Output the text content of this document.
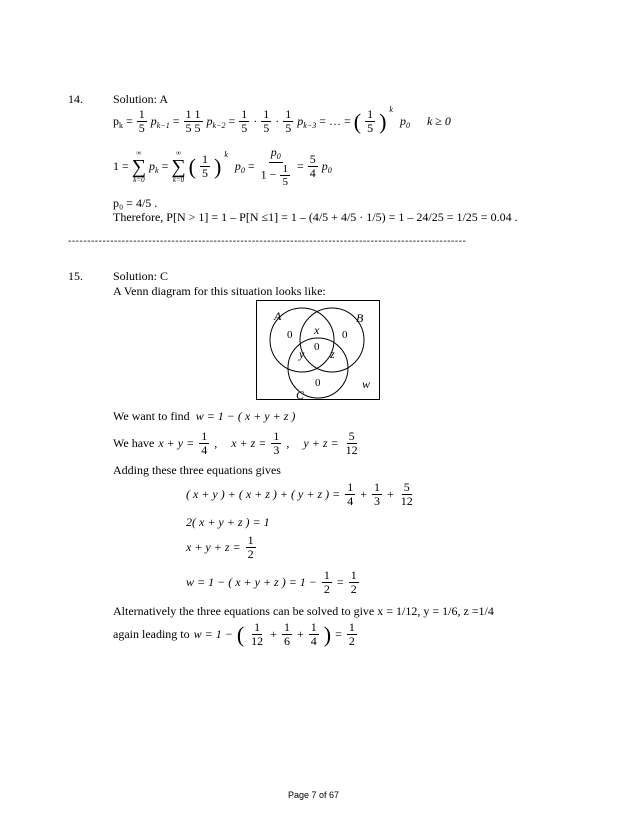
14.	Solution: A
$p_k = \frac{1}{5} p_{k-1} = \frac{1 1}{5 5} p_{k-2} = \frac{1}{5} \cdot \frac{1}{5} \cdot \frac{1}{5} p_{k-3}$ = … = ( $\frac{1}{5}$ ) $^k$
$p_0$ k ≥ 0
1 =
∞
∑
k=0
$p_k$ =
∞
∑
k=0
( $\frac{1}{5}$ ) $^k$
$p_0 = \frac{p_0}{1 - \frac{1}{5}} = \frac{5}{4} p_0$
p₀ = 4/5 .
Therefore, P[N > 1] = 1 – P[N ≤1] = 1 – (4/5 + 4/5 · 1/5) = 1 – 24/25 = 1/25 = 0.04 .
--------------------------------------------------------------------------------------------------------
15.	Solution: C
A Venn diagram for this situation looks like:
A	B
C
w
x
y z
0	0
0
0
We want to find w = 1 − ( x + y + z )
We have $x + y = \frac{1}{4}$ , $x + z = \frac{1}{3}$ , $y + z = \frac{5}{12}$
Adding these three equations gives
( x + y ) + ( x + z ) + ( y + z ) = $\frac{1}{4} + \frac{1}{3} + \frac{5}{12}$
2( x + y + z ) = 1
$x + y + z = \frac{1}{2}$
w = 1 − ( x + y + z ) = $1 - \frac{1}{2} = \frac{1}{2}$
Alternatively the three equations can be solved to give x = 1/12, y = 1/6, z =1/4
again leading to w = 1 − ( $\frac{1}{12} + \frac{1}{6} + \frac{1}{4}$ ) = $\frac{1}{2}$
Page 7 of 67
